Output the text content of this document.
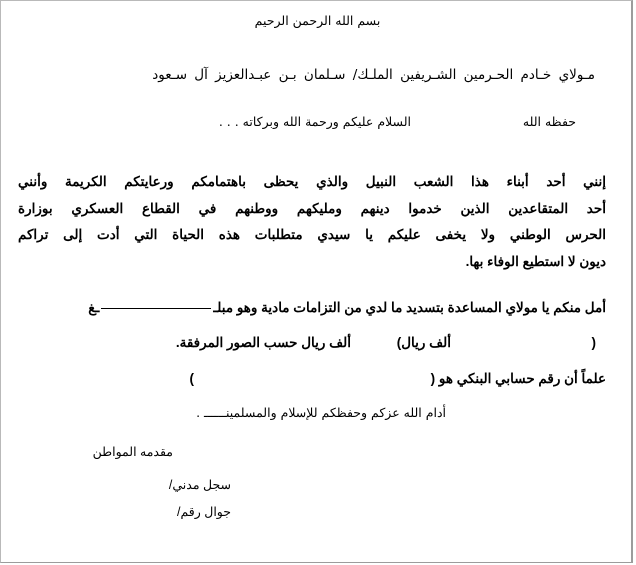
بسم الله الرحمن الرحيم
مـولاي خـادم الحـرمين الشـريفين الملـك/ سـلمان بـن عبـدالعزيز آل سـعود
حفظه الله
السلام عليكم ورحمة الله وبركاته . . .
إنني أحد أبناء هذا الشعب النبيل والذي يحظى باهتمامكم ورعايتكم الكريمة وأنني
أحد المتقاعدين الذين خدموا دينهم ومليكهم ووطنهم في القطاع العسكري بوزارة
الحرس الوطني ولا يخفى عليكم يا سيدي متطلبات هذه الحياة التي أدت إلى تراكم
ديون لا استطيع الوفاء بها.
أمل منكم يا مولاي المساعدة بتسديد ما لدي من التزامات مادية وهو مبلــغ
(
ألف ريال)
ألف ريال حسب الصور المرفقة.
علماً أن رقم حسابي البنكي هو (
)
أدام الله عزكم وحفظكم للإسلام والمسلمينــــــ .
مقدمه المواطن
سجل مدني/
جوال رقم/
